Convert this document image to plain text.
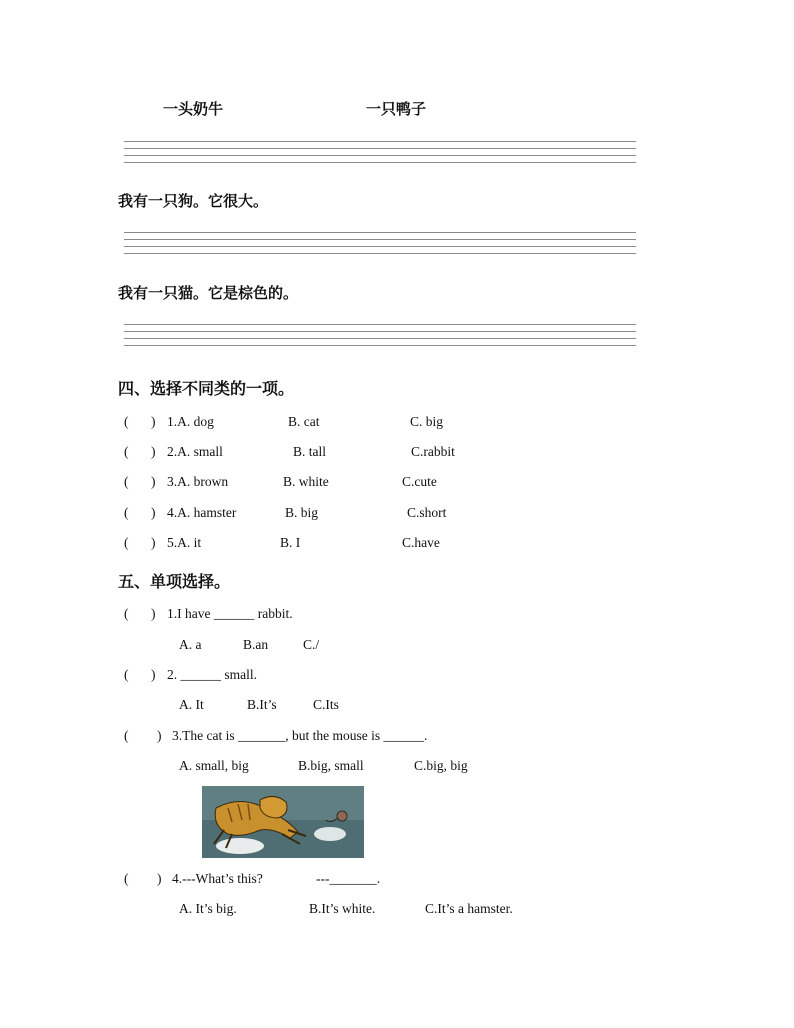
一头奶牛	一只鸭子
我有一只狗。它很大。
我有一只猫。它是棕色的。
四、选择不同类的一项。
( ) 1.A. dog	B. cat	C. big
( ) 2.A. small	B. tall	C.rabbit
( ) 3.A. brown	B. white	C.cute
( ) 4.A. hamster	B. big	C.short
( ) 5.A. it	B. I	C.have
五、单项选择。
( ) 1.I have ______ rabbit.
A. a	B.an	C./
( ) 2. ______ small.
A. It	B.It’s	C.Its
( ) 3.The cat is _______, but the mouse is ______.
A. small, big	B.big, small	C.big, big
( ) 4.---What’s this?	---_______.
A. It’s big.	B.It’s white.	C.It’s a hamster.
